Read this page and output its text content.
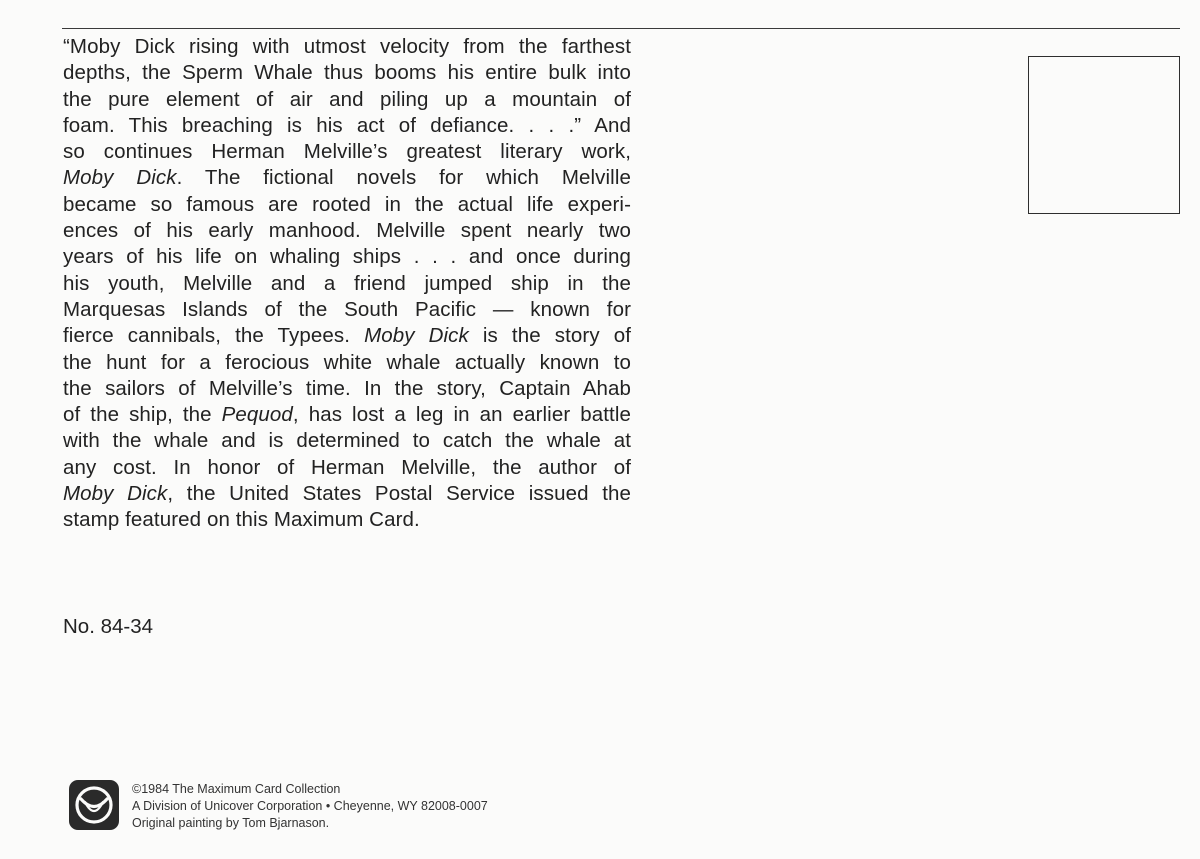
“Moby Dick rising with utmost velocity from the farthest
depths, the Sperm Whale thus booms his entire bulk into
the pure element of air and piling up a mountain of
foam. This breaching is his act of defiance. . . .” And
so continues Herman Melville’s greatest literary work,
Moby Dick. The fictional novels for which Melville
became so famous are rooted in the actual life experi-
ences of his early manhood. Melville spent nearly two
years of his life on whaling ships . . . and once during
his youth, Melville and a friend jumped ship in the
Marquesas Islands of the South Pacific — known for
fierce cannibals, the Typees. Moby Dick is the story of
the hunt for a ferocious white whale actually known to
the sailors of Melville’s time. In the story, Captain Ahab
of the ship, the Pequod, has lost a leg in an earlier battle
with the whale and is determined to catch the whale at
any cost. In honor of Herman Melville, the author of
Moby Dick, the United States Postal Service issued the
stamp featured on this Maximum Card.
No. 84-34
©1984 The Maximum Card Collection
A Division of Unicover Corporation • Cheyenne, WY 82008-0007
Original painting by Tom Bjarnason.
